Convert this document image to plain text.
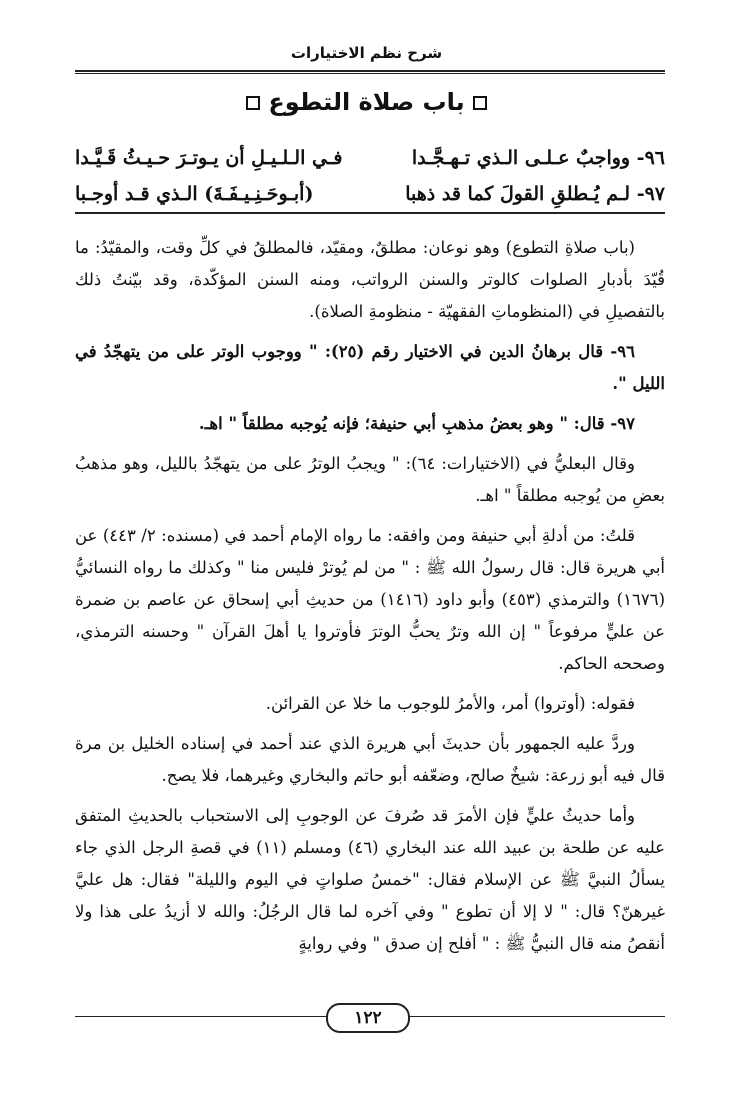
شرح نظم الاختيارات
باب صلاة التطوع
٩٦- وواجبٌ عـلـى الـذي تـهـجَّـدا
فـي الـلـيـلِ أن يـوتـرَ حـيـثُ قَـيَّـدا
٩٧- لـم يُـطلقِ القولَ كما قد ذهبا
(أبـوحَـنِـيـفَـةَ) الـذي قـد أوجـبا

(باب صلاةِ التطوع) وهو نوعان: مطلقٌ، ومقيّد، فالمطلقُ في كلِّ وقت، والمقيّدُ: ما قُيّدَ بأدبارِ الصلوات كالوتر والسنن الرواتب، ومنه السنن المؤكّدة، وقد بيّنتُ ذلك بالتفصيلِ في (المنظوماتِ الفقهيّة - منظومةِ الصلاة).

٩٦- قال برهانُ الدين في الاختيار رقم (٢٥): " ووجوب الوتر على من يتهجّدُ في الليل ".

٩٧- قال: " وهو بعضُ مذهبِ أبي حنيفة؛ فإنه يُوجبه مطلقاً " اهـ.

وقال البعليُّ في (الاختيارات: ٦٤): " ويجبُ الوترُ على من يتهجّدُ بالليل، وهو مذهبُ بعضِ من يُوجبه مطلقاً " اهـ.

قلتُ: من أدلةِ أبي حنيفة ومن وافقه: ما رواه الإمام أحمد في (مسنده: ٢/ ٤٤٣) عن أبي هريرة قال: قال رسولُ الله ﷺ : " من لم يُوترْ فليس منا " وكذلك ما رواه النسائيُّ (١٦٧٦) والترمذي (٤٥٣) وأبو داود (١٤١٦) من حديثِ أبي إسحاق عن عاصم بن ضمرة عن عليٍّ مرفوعاً " إن الله وترٌ يحبُّ الوترَ فأوتروا يا أهلَ القرآن " وحسنه الترمذي، وصححه الحاكم.

فقوله: (أوتروا) أمر، والأمرُ للوجوب ما خلا عن القرائن.

وردَّ عليه الجمهور بأن حديثَ أبي هريرة الذي عند أحمد في إسناده الخليل بن مرة قال فيه أبو زرعة: شيخٌ صالح، وضعّفه أبو حاتم والبخاري وغيرهما، فلا يصح.

وأما حديثُ عليٍّ فإن الأمرَ قد صُرفَ عن الوجوبِ إلى الاستحباب بالحديثِ المتفق عليه عن طلحة بن عبيد الله عند البخاري (٤٦) ومسلم (١١) في قصةِ الرجل الذي جاء يسألُ النبيَّ ﷺ عن الإسلام فقال: "خمسُ صلواتٍ في اليوم والليلة" فقال: هل عليَّ غيرهنّ؟ قال: " لا إلا أن تطوع " وفي آخره لما قال الرجُلُ: والله لا أزيدُ على هذا ولا أنقصُ منه قال النبيُّ ﷺ : " أفلح إن صدق " وفي روايةٍ

١٢٢
